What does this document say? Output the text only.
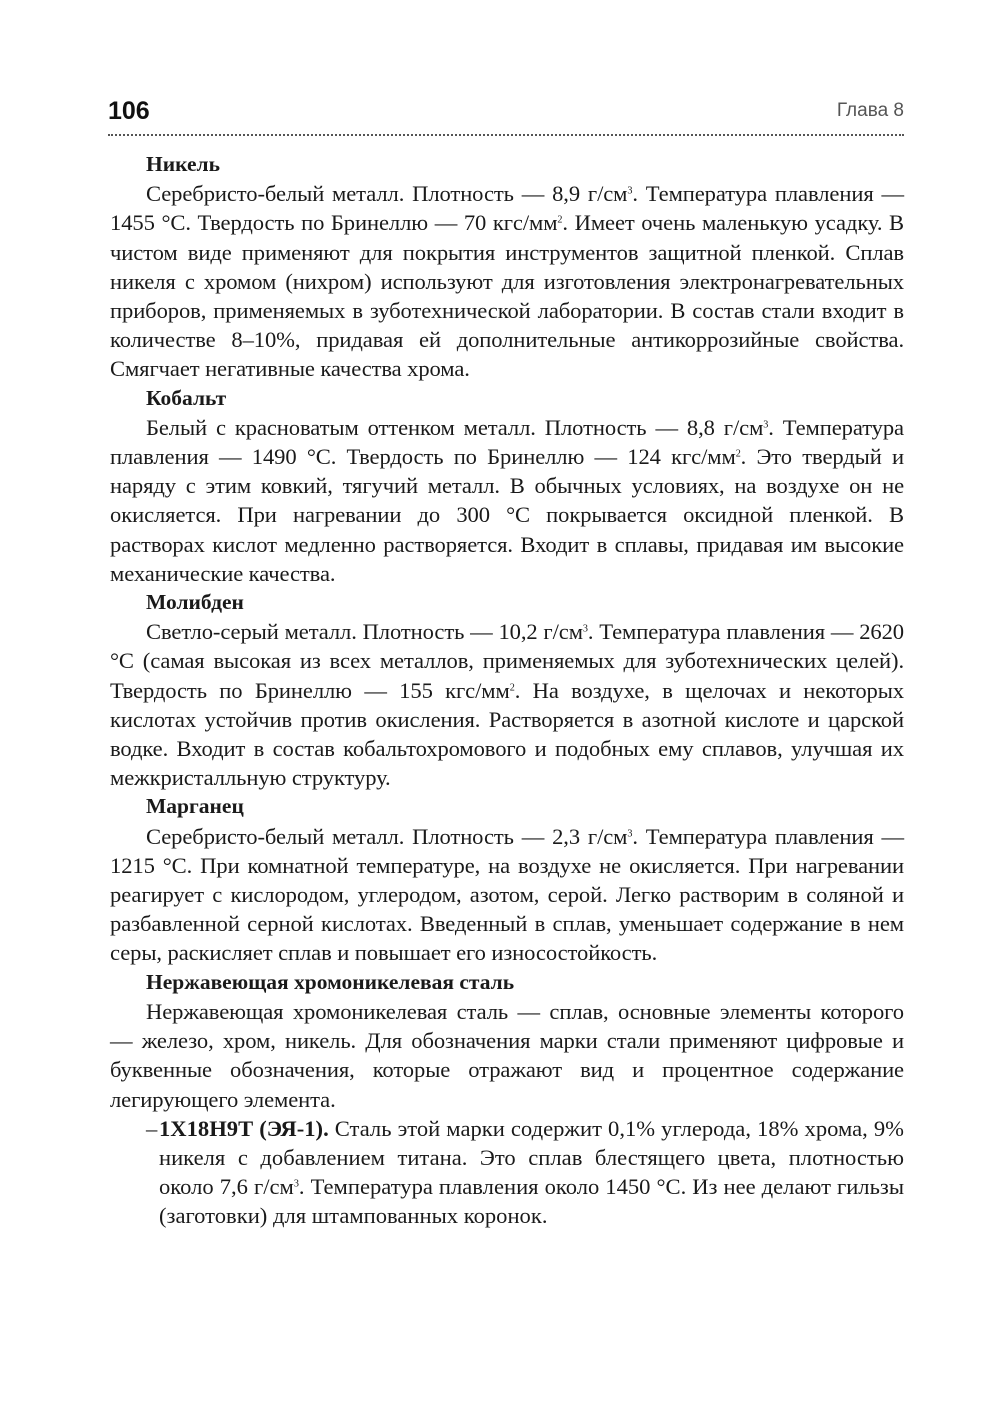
106	Глава 8
Никель

Серебристо-белый металл. Плотность — 8,9 $г/см^3$. Температура плавления — 1455 °С. Твердость по Бринеллю — 70 кгс/$мм^2$. Имеет очень маленькую усадку. В чистом виде применяют для покрытия инструментов защитной пленкой. Сплав никеля с хромом (нихром) используют для изготовления электронагревательных приборов, применяемых в зуботехнической лаборатории. В состав стали входит в количестве 8–10%, придавая ей дополнительные антикоррозийные свойства. Смягчает негативные качества хрома.

Кобальт

Белый с красноватым оттенком металл. Плотность — 8,8 $г/см^3$. Температура плавления — 1490 °С. Твердость по Бринеллю — 124 кгс/$мм^2$. Это твердый и наряду с этим ковкий, тягучий металл. В обычных условиях, на воздухе он не окисляется. При нагревании до 300 °С покрывается оксидной пленкой. В растворах кислот медленно растворяется. Входит в сплавы, придавая им высокие механические качества.

Молибден

Светло-серый металл. Плотность — 10,2 $г/см^3$. Температура плавления — 2620 °С (самая высокая из всех металлов, применяемых для зуботехнических целей). Твердость по Бринеллю — 155 кгс/$мм^2$. На воздухе, в щелочах и некоторых кислотах устойчив против окисления. Растворяется в азотной кислоте и царской водке. Входит в состав кобальтохромового и подобных ему сплавов, улучшая их межкристалльную структуру.

Марганец

Серебристо-белый металл. Плотность — 2,3 $г/см^3$. Температура плавления — 1215 °С. При комнатной температуре, на воздухе не окисляется. При нагревании реагирует с кислородом, углеродом, азотом, серой. Легко растворим в соляной и разбавленной серной кислотах. Введенный в сплав, уменьшает содержание в нем серы, раскисляет сплав и повышает его износостойкость.

Нержавеющая хромоникелевая сталь

Нержавеющая хромоникелевая сталь — сплав, основные элементы которого — железо, хром, никель. Для обозначения марки стали применяют цифровые и буквенные обозначения, которые отражают вид и процентное содержание легирующего элемента.

– 1Х18Н9Т (ЭЯ-1). Сталь этой марки содержит 0,1% углерода, 18% хрома, 9% никеля с добавлением титана. Это сплав блестящего цвета, плотностью около 7,6 $г/см^3$. Температура плавления около 1450 °С. Из нее делают гильзы (заготовки) для штампованных коронок.
